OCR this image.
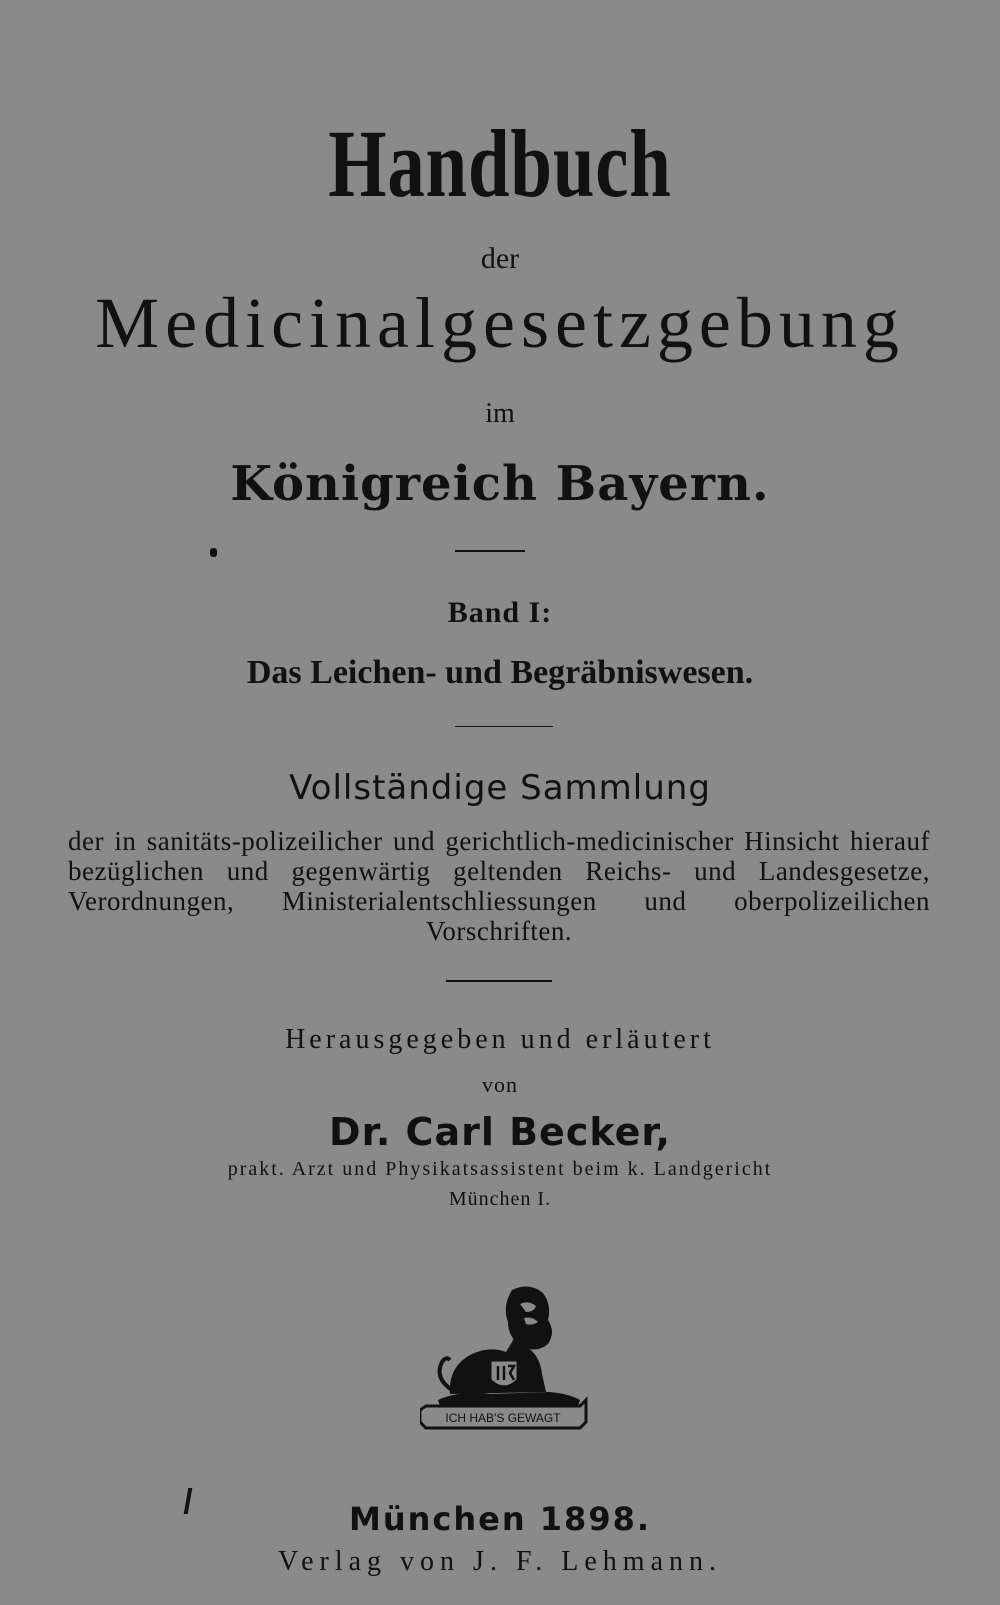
Handbuch
der
Medicinalgesetzgebung
im
Königreich Bayern.
Band I:
Das Leichen- und Begräbniswesen.
Vollständige Sammlung
der in sanitäts-polizeilicher und gerichtlich-medicinischer Hinsicht hierauf bezüglichen und gegenwärtig geltenden Reichs- und Landesgesetze, Verordnungen, Ministerialentschliessungen und oberpolizeilichen Vorschriften.
Herausgegeben und erläutert
von
Dr. Carl Becker,
prakt. Arzt und Physikatsassistent beim k. Landgericht
München I.
ICH HAB'S GEWAGT
München 1898.
Verlag von J. F. Lehmann.
